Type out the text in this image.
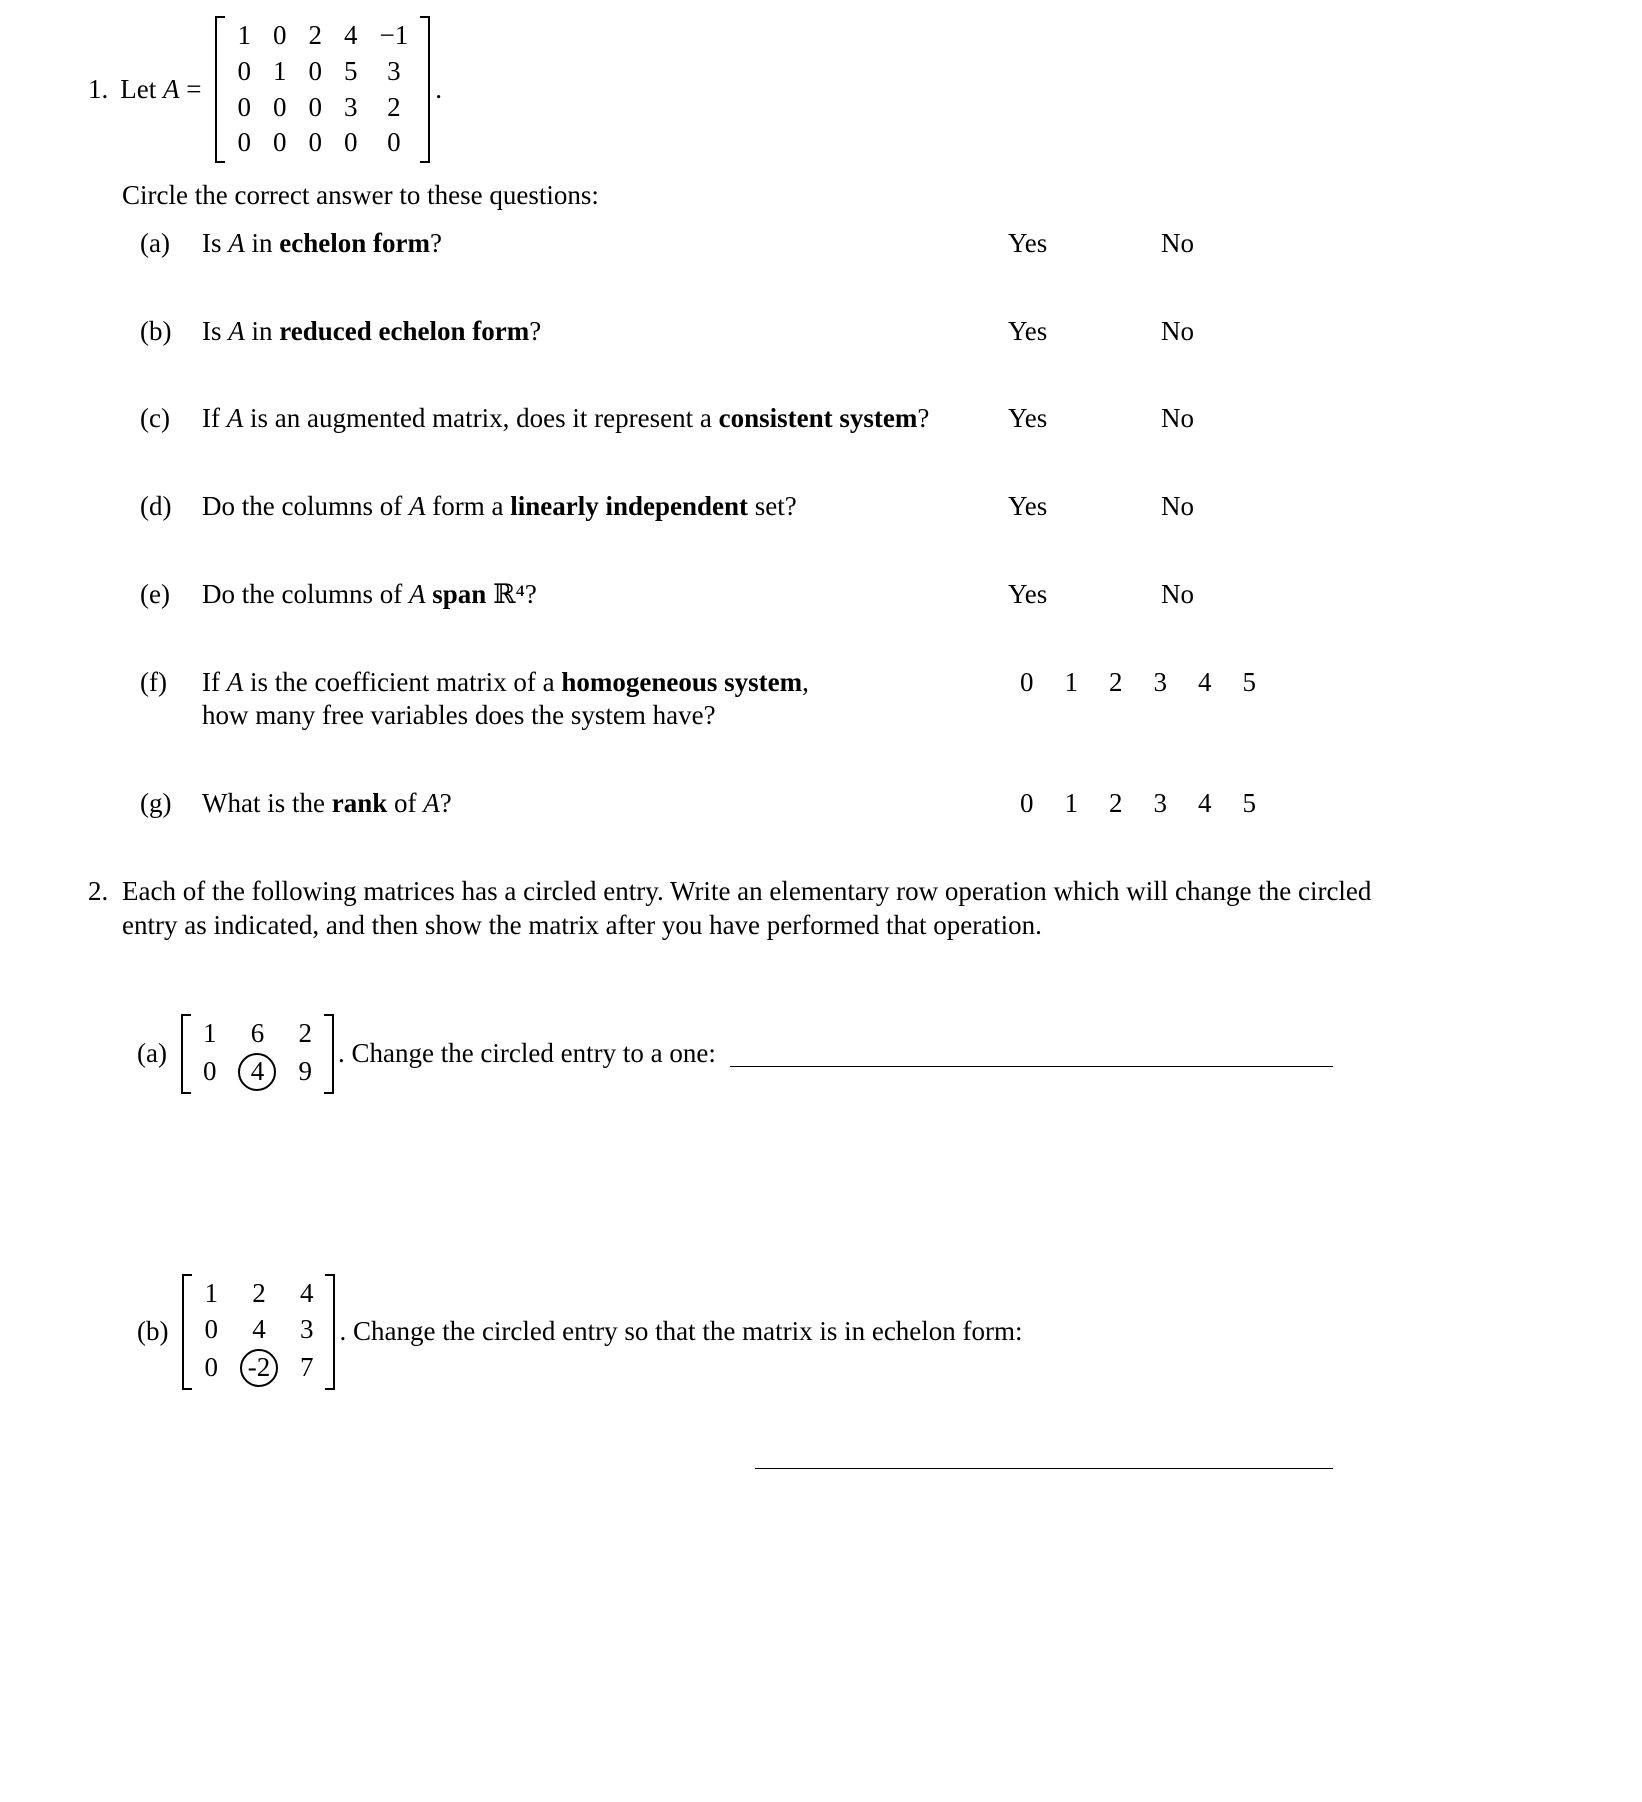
1. Let A =
1 0 2 4 −1
0 1 0 5 3
0 0 0 3 2
0 0 0 0 0
.
Circle the correct answer to these questions:
(a)	Is A in echelon form?	Yes	No
(b)	Is A in reduced echelon form?	Yes	No
(c)	If A is an augmented matrix, does it represent a consistent system?	Yes	No
(d)	Do the columns of A form a linearly independent set?	Yes	No
(e)	Do the columns of A span ℝ⁴?	Yes	No
(f)	If A is the coefficient matrix of a homogeneous system,
how many free variables does the system have?
0 1 2 3 4 5
(g)	What is the rank of A?	0 1 2 3 4 5
2. Each of the following matrices has a circled entry. Write an elementary row operation which will change the circled entry as indicated, and then show the matrix after you have performed that operation.
(a)
1 6 2
0	4	9
. Change the circled entry to a one:
(b)
1 2 4
0 4 3
0 -2 7
. Change the circled entry so that the matrix is in echelon form:
